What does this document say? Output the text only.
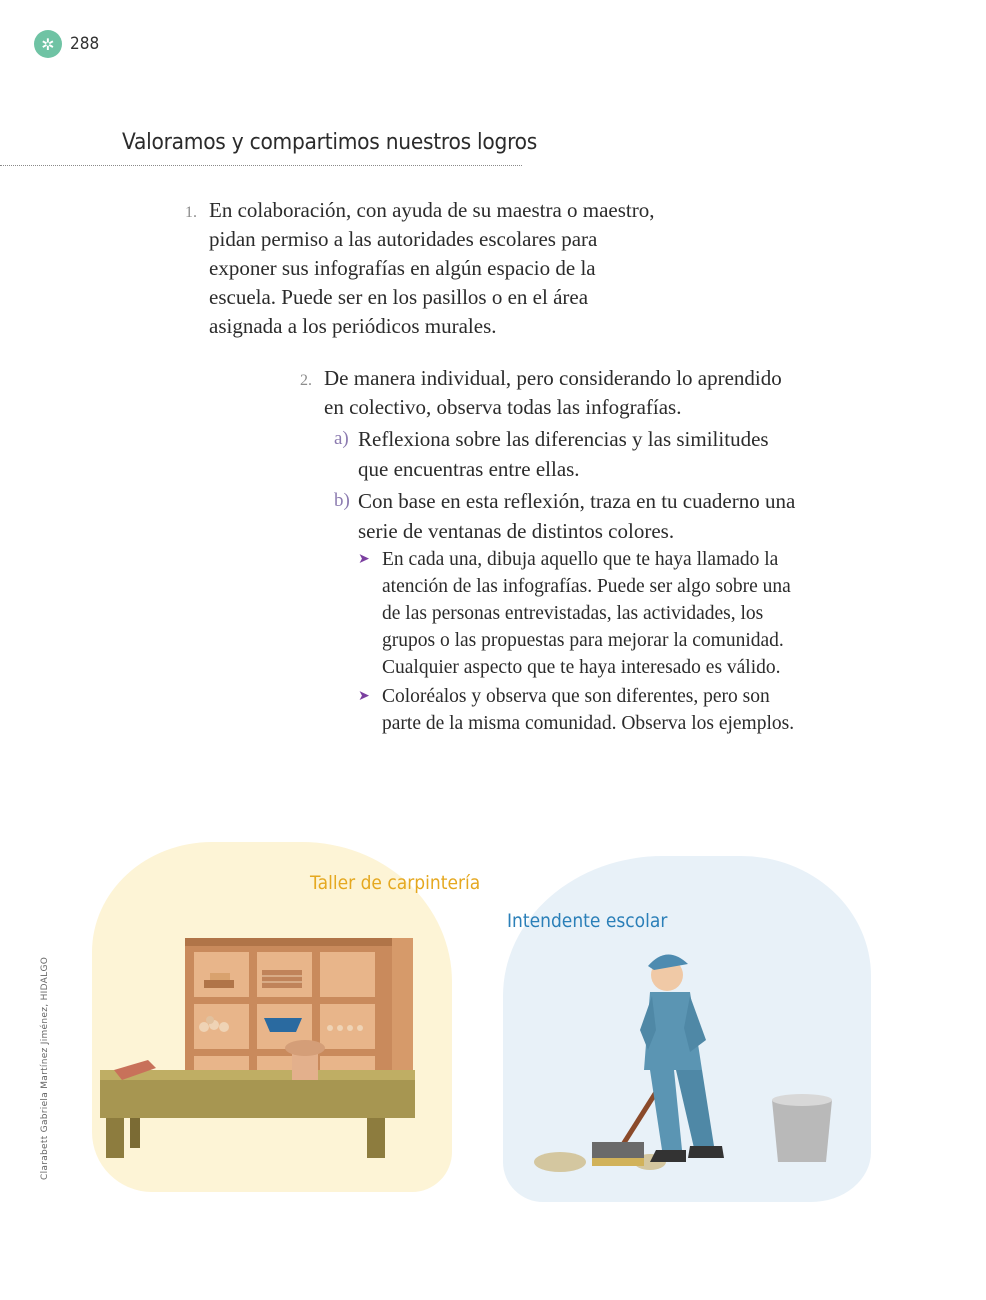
✲ 288
Valoramos y compartimos nuestros logros
1. En colaboración, con ayuda de su maestra o maestro, pidan permiso a las autoridades escolares para exponer sus infografías en algún espacio de la escuela. Puede ser en los pasillos o en el área asignada a los periódicos murales.
2. De manera individual, pero considerando lo aprendido en colectivo, observa todas las infografías.
a) Reflexiona sobre las diferencias y las similitudes que encuentras entre ellas.
b) Con base en esta reflexión, traza en tu cuaderno una serie de ventanas de distintos colores.
➤ En cada una, dibuja aquello que te haya llamado la atención de las infografías. Puede ser algo sobre una de las personas entrevistadas, las actividades, los grupos o las propuestas para mejorar la comunidad. Cualquier aspecto que te haya interesado es válido.
➤ Coloréalos y observa que son diferentes, pero son parte de la misma comunidad. Observa los ejemplos.
Taller de carpintería
Intendente escolar
Clarabett Gabriela Martínez Jiménez, HIDALGO
